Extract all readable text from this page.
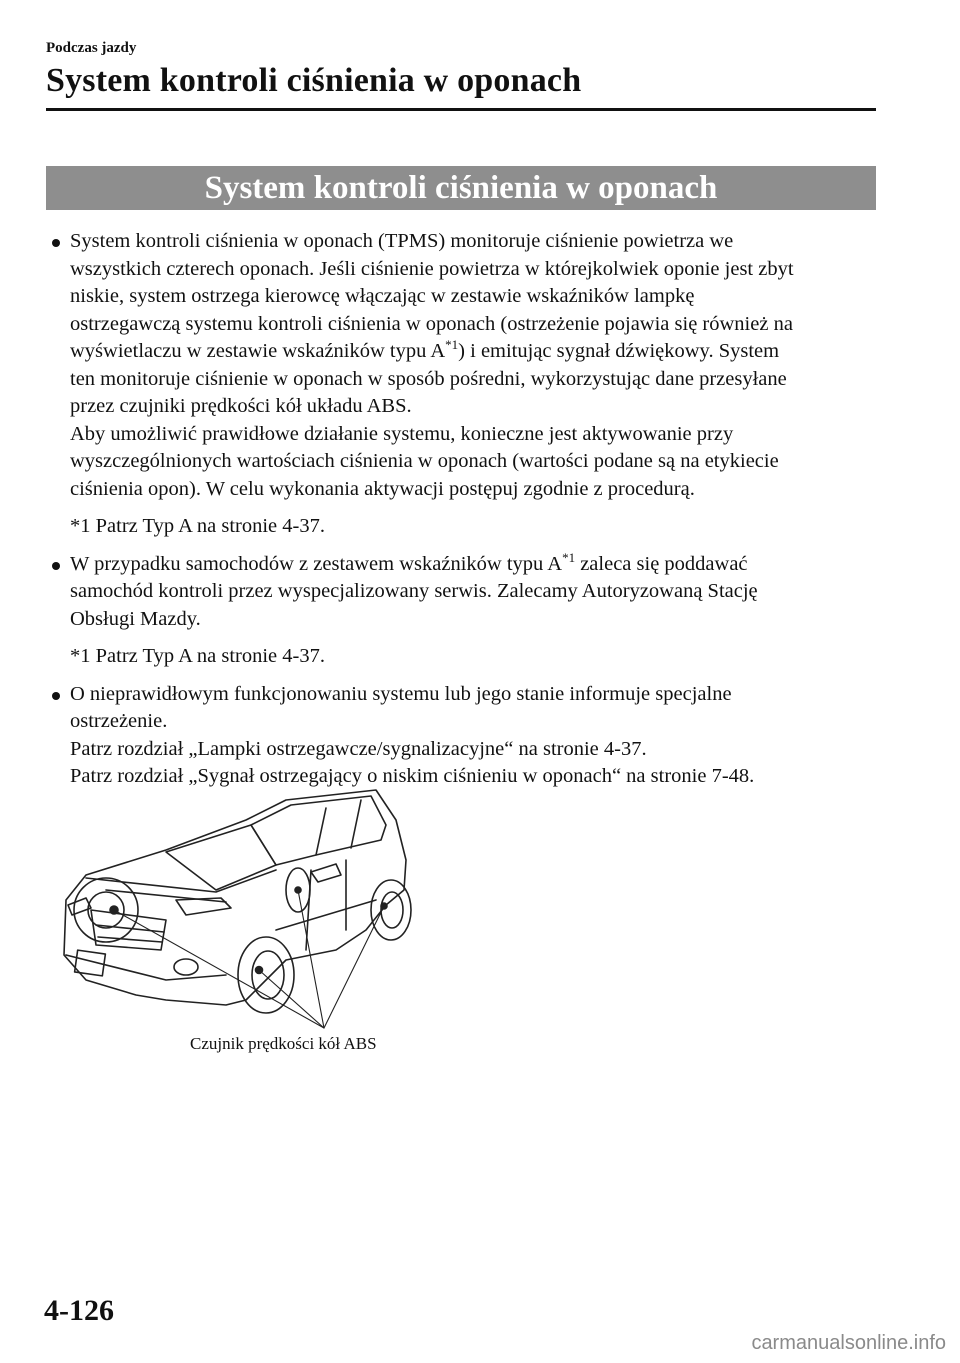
Podczas jazdy
System kontroli ciśnienia w oponach
System kontroli ciśnienia w oponach
System kontroli ciśnienia w oponach (TPMS) monitoruje ciśnienie powietrza we
wszystkich czterech oponach. Jeśli ciśnienie powietrza w którejkolwiek oponie jest zbyt
niskie, system ostrzega kierowcę włączając w zestawie wskaźników lampkę
ostrzegawczą systemu kontroli ciśnienia w oponach (ostrzeżenie pojawia się również na
wyświetlaczu w zestawie wskaźników typu $A^{*1}$) i emitując sygnał dźwiękowy. System
ten monitoruje ciśnienie w oponach w sposób pośredni, wykorzystując dane przesyłane
przez czujniki prędkości kół układu ABS.
Aby umożliwić prawidłowe działanie systemu, konieczne jest aktywowanie przy
wyszczególnionych wartościach ciśnienia w oponach (wartości podane są na etykiecie
ciśnienia opon). W celu wykonania aktywacji postępuj zgodnie z procedurą.
*1 Patrz Typ A na stronie 4-37.
W przypadku samochodów z zestawem wskaźników typu $A^{*1}$ zaleca się poddawać
samochód kontroli przez wyspecjalizowany serwis. Zalecamy Autoryzowaną Stację
Obsługi Mazdy.
*1 Patrz Typ A na stronie 4-37.
O nieprawidłowym funkcjonowaniu systemu lub jego stanie informuje specjalne
ostrzeżenie.
Patrz rozdział „Lampki ostrzegawcze/sygnalizacyjne“ na stronie 4-37.
Patrz rozdział „Sygnał ostrzegający o niskim ciśnieniu w oponach“ na stronie 7-48.
Czujnik prędkości kół ABS
4-126
carmanualsonline.info
